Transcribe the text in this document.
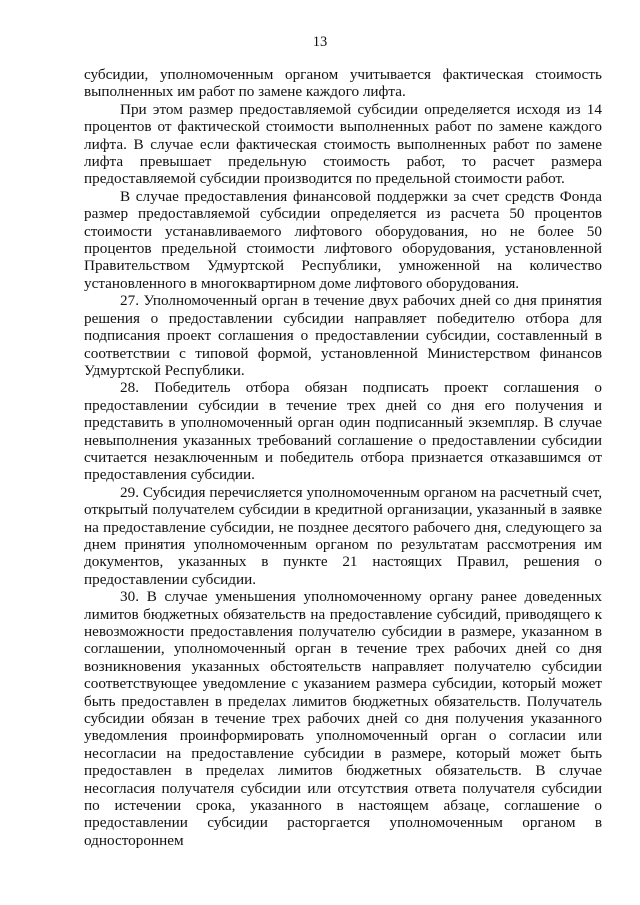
13

субсидии, уполномоченным органом учитывается фактическая стоимость выполненных им работ по замене каждого лифта.

При этом размер предоставляемой субсидии определяется исходя из 14 процентов от фактической стоимости выполненных работ по замене каждого лифта. В случае если фактическая стоимость выполненных работ по замене лифта превышает предельную стоимость работ, то расчет размера предоставляемой субсидии производится по предельной стоимости работ.

В случае предоставления финансовой поддержки за счет средств Фонда размер предоставляемой субсидии определяется из расчета 50 процентов стоимости устанавливаемого лифтового оборудования, но не более 50 процентов предельной стоимости лифтового оборудования, установленной Правительством Удмуртской Республики, умноженной на количество установленного в многоквартирном доме лифтового оборудования.

27. Уполномоченный орган в течение двух рабочих дней со дня принятия решения о предоставлении субсидии направляет победителю отбора для подписания проект соглашения о предоставлении субсидии, составленный в соответствии с типовой формой, установленной Министерством финансов Удмуртской Республики.

28. Победитель отбора обязан подписать проект соглашения о предоставлении субсидии в течение трех дней со дня его получения и представить в уполномоченный орган один подписанный экземпляр. В случае невыполнения указанных требований соглашение о предоставлении субсидии считается незаключенным и победитель отбора признается отказавшимся от предоставления субсидии.

29. Субсидия перечисляется уполномоченным органом на расчетный счет, открытый получателем субсидии в кредитной организации, указанный в заявке на предоставление субсидии, не позднее десятого рабочего дня, следующего за днем принятия уполномоченным органом по результатам рассмотрения им документов, указанных в пункте 21 настоящих Правил, решения о предоставлении субсидии.

30. В случае уменьшения уполномоченному органу ранее доведенных лимитов бюджетных обязательств на предоставление субсидий, приводящего к невозможности предоставления получателю субсидии в размере, указанном в соглашении, уполномоченный орган в течение трех рабочих дней со дня возникновения указанных обстоятельств направляет получателю субсидии соответствующее уведомление с указанием размера субсидии, который может быть предоставлен в пределах лимитов бюджетных обязательств. Получатель субсидии обязан в течение трех рабочих дней со дня получения указанного уведомления проинформировать уполномоченный орган о согласии или несогласии на предоставление субсидии в размере, который может быть предоставлен в пределах лимитов бюджетных обязательств. В случае несогласия получателя субсидии или отсутствия ответа получателя субсидии по истечении срока, указанного в настоящем абзаце, соглашение о предоставлении субсидии расторгается уполномоченным органом в одностороннем
